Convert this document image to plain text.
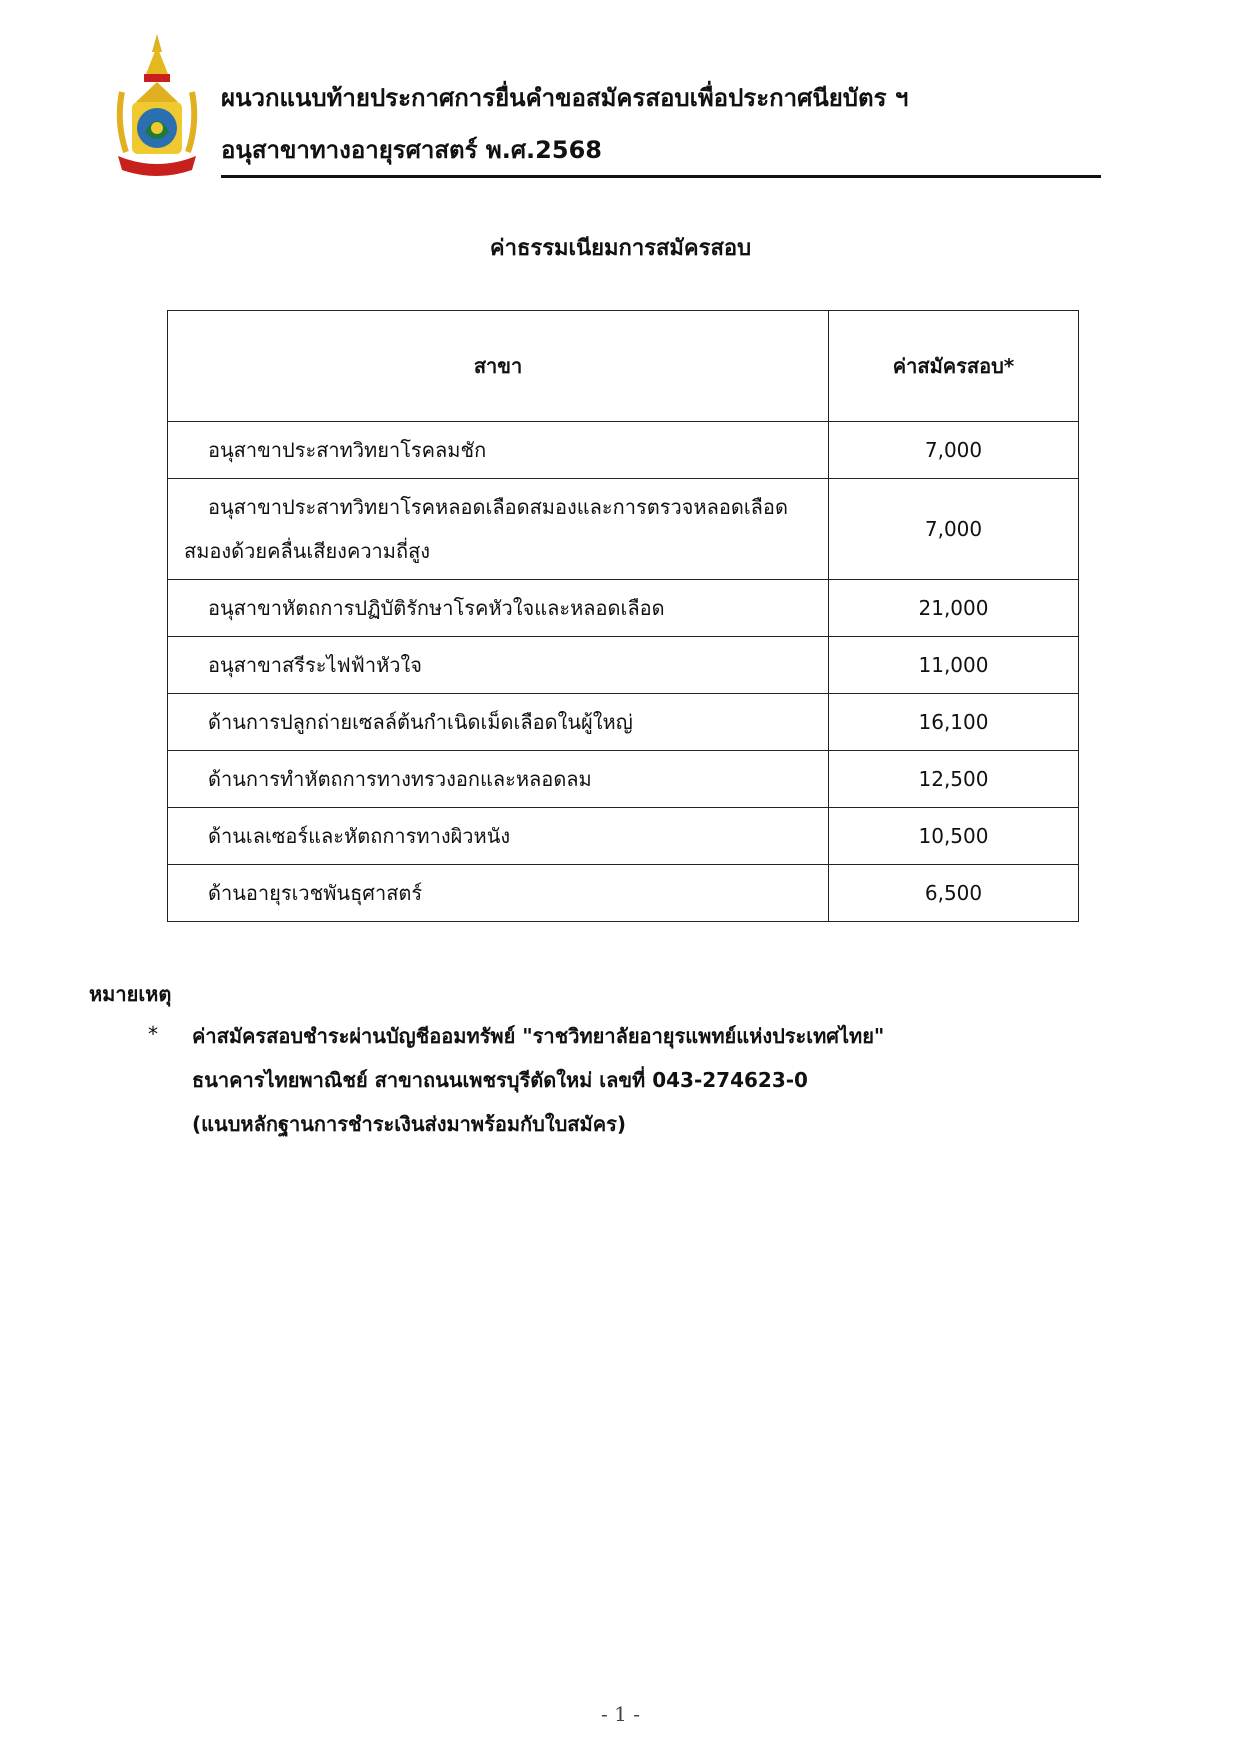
ผนวกแนบท้ายประกาศการยื่นคำขอสมัครสอบเพื่อประกาศนียบัตร ฯ
อนุสาขาทางอายุรศาสตร์ พ.ศ.2568
ค่าธรรมเนียมการสมัครสอบ
สาขา	ค่าสมัครสอบ*
อนุสาขาประสาทวิทยาโรคลมชัก	7,000

อนุสาขาประสาทวิทยาโรคหลอดเลือดสมองและการตรวจหลอดเลือด
สมองด้วยคลื่นเสียงความถี่สูง	7,000
อนุสาขาหัตถการปฏิบัติรักษาโรคหัวใจและหลอดเลือด	21,000
อนุสาขาสรีระไฟฟ้าหัวใจ	11,000
ด้านการปลูกถ่ายเซลล์ต้นกำเนิดเม็ดเลือดในผู้ใหญ่	16,100
ด้านการทำหัตถการทางทรวงอกและหลอดลม	12,500
ด้านเลเซอร์และหัตถการทางผิวหนัง	10,500
ด้านอายุรเวชพันธุศาสตร์	6,500
หมายเหตุ
* ค่าสมัครสอบชำระผ่านบัญชีออมทรัพย์ "ราชวิทยาลัยอายุรแพทย์แห่งประเทศไทย"
ธนาคารไทยพาณิชย์ สาขาถนนเพชรบุรีตัดใหม่ เลขที่ 043-274623-0
(แนบหลักฐานการชำระเงินส่งมาพร้อมกับใบสมัคร)
- 1 -
